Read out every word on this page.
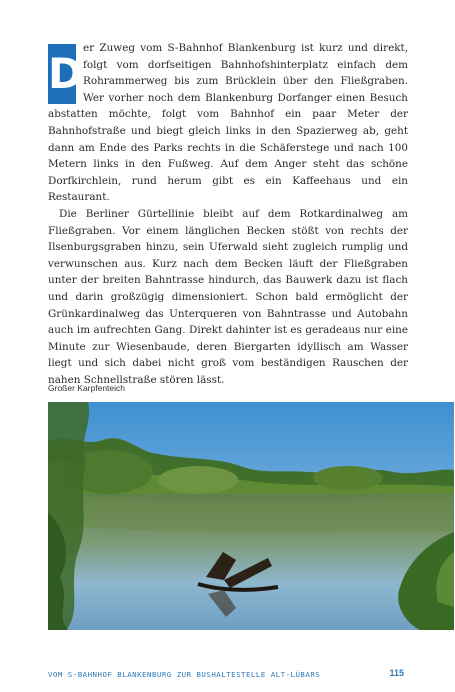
D

er Zuweg vom S-Bahnhof Blankenburg ist kurz und direkt, folgt vom dorfseitigen Bahnhofshinterplatz einfach dem Rohrammerweg bis zum Brücklein über den Fließgraben. Wer vorher noch dem Blankenburg Dorfanger einen Besuch abstatten möchte, folgt vom Bahnhof ein paar Meter der Bahnhofstraße und biegt gleich links in den Spazierweg ab, geht dann am Ende des Parks rechts in die Schäferstege und nach 100 Metern links in den Fußweg. Auf dem Anger steht das schöne Dorfkirchlein, rund herum gibt es ein Kaffeehaus und ein Restaurant.

Die Berliner Gürtellinie bleibt auf dem Rotkardinalweg am Fließgraben. Vor einem länglichen Becken stößt von rechts der Ilsenburgsgraben hinzu, sein Uferwald sieht zugleich rumplig und verwunschen aus. Kurz nach dem Becken läuft der Fließgraben unter der breiten Bahntrasse hindurch, das Bauwerk dazu ist flach und darin großzügig dimensioniert. Schon bald ermöglicht der Grünkardinalweg das Unterqueren von Bahntrasse und Autobahn auch im aufrechten Gang. Direkt dahinter ist es geradeaus nur eine Minute zur Wiesenbaude, deren Biergarten idyllisch am Wasser liegt und sich dabei nicht groß vom beständigen Rauschen der nahen Schnellstraße stören lässt.

Großer Karpfenteich
VOM S-BAHNHOF BLANKENBURG ZUR BUSHALTESTELLE ALT-LÜBARS	115
